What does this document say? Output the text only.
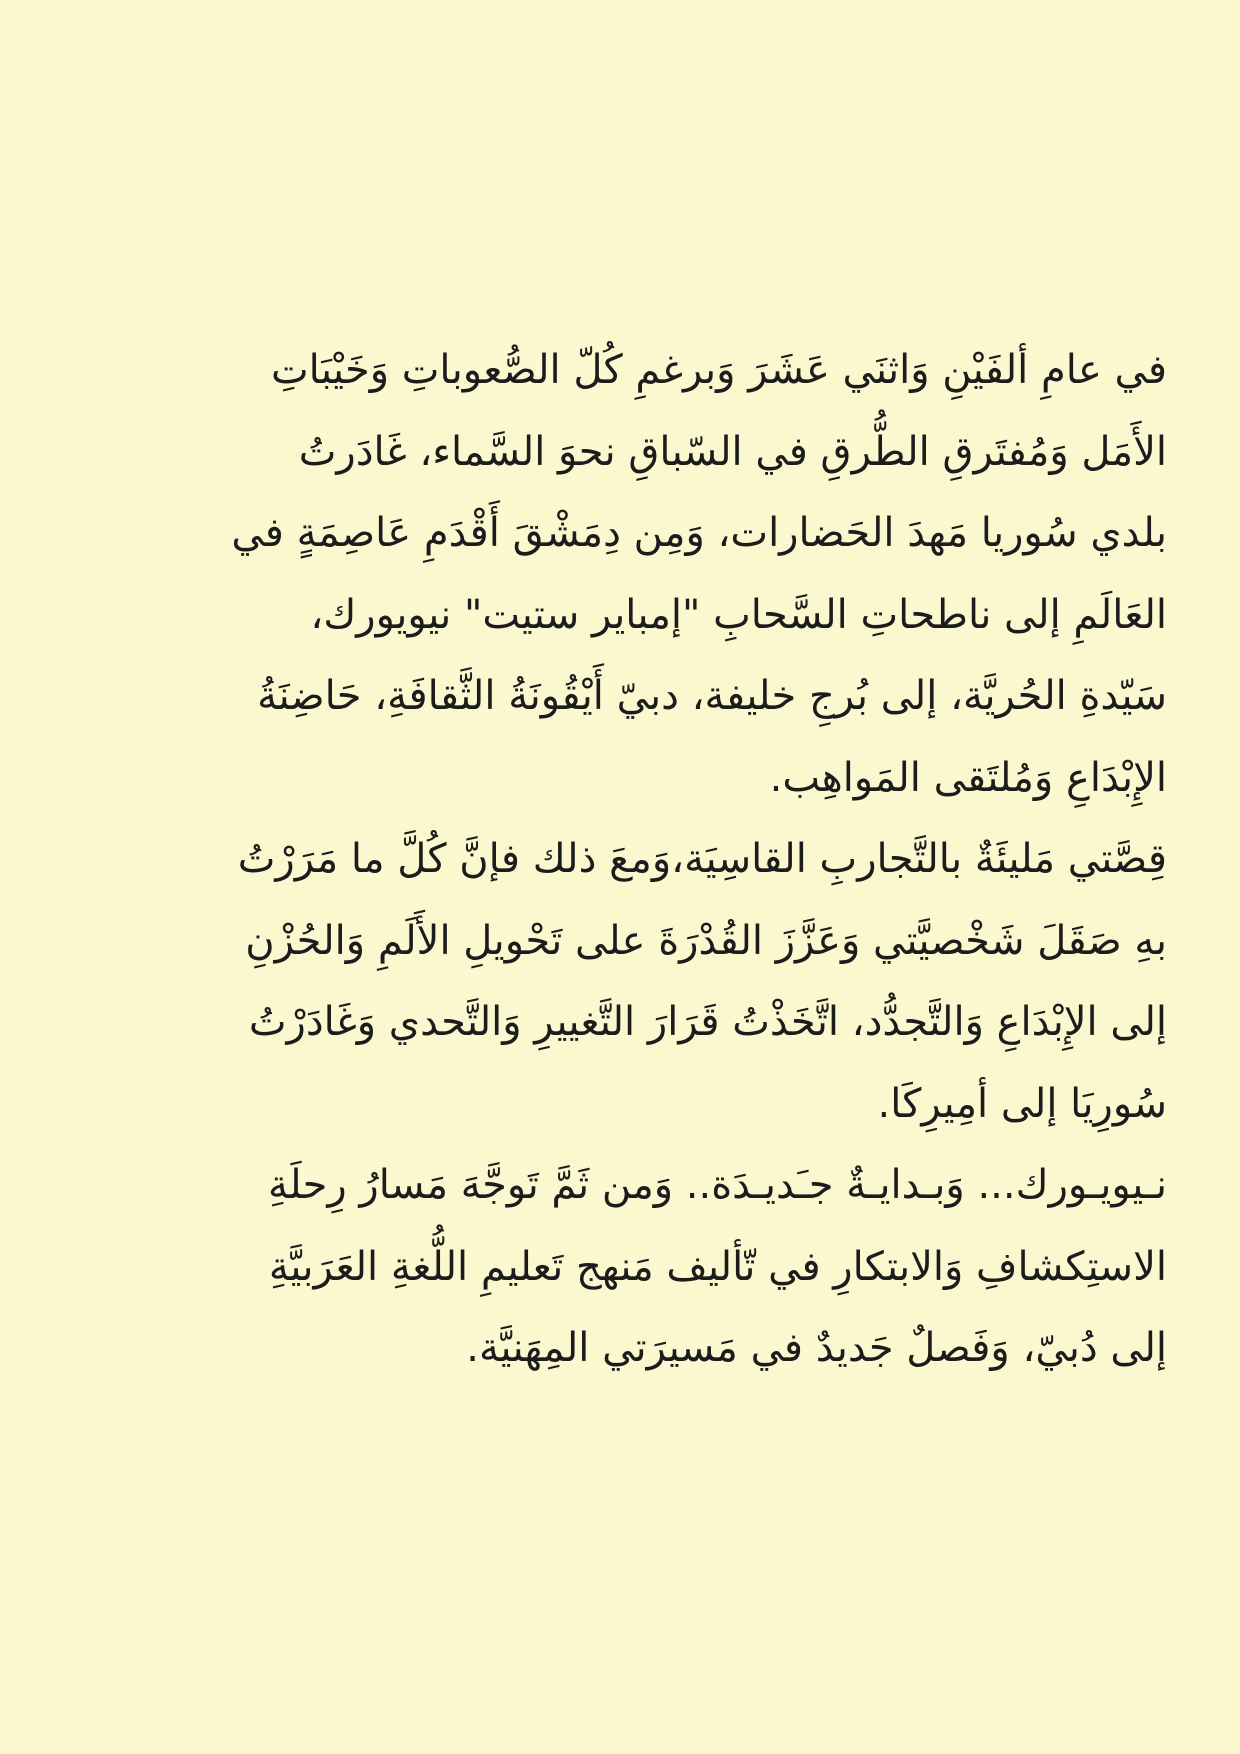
في عامِ ألفَيْنِ وَاثنَي عَشَرَ وَبرغمِ كُلّ الصُّعوباتِ وَخَيْبَاتِ
الأَمَل وَمُفتَرقِ الطُّرقِ في السّباقِ نحوَ السَّماء، غَادَرتُ
بلدي سُوريا مَهدَ الحَضارات، وَمِن دِمَشْقَ أَقْدَمِ عَاصِمَةٍ في
العَالَمِ إلى ناطحاتِ السَّحابِ "إمباير ستيت" نيويورك،
سَيّدةِ الحُريَّة، إلى بُرجِ خليفة، دبيّ أَيْقُونَةُ الثَّقافَةِ، حَاضِنَةُ
الإِبْدَاعِ وَمُلتَقى المَواهِب.
قِصَّتي مَليئَةٌ بالتَّجاربِ القاسِيَة،وَمعَ ذلك فإنَّ كُلَّ ما مَرَرْتُ
بهِ صَقَلَ شَخْصيَّتي وَعَزَّزَ القُدْرَةَ على تَحْويلِ الأَلَمِ وَالحُزْنِ
إلى الإِبْدَاعِ وَالتَّجدُّد، اتَّخَذْتُ قَرَارَ التَّغييرِ وَالتَّحدي وَغَادَرْتُ
سُورِيَا إلى أمِيرِكَا.
نـيويـورك... وَبـدايـةٌ جـَديـدَة.. وَمن ثَمَّ تَوجَّهَ مَسارُ رِحلَةِ
الاستِكشافِ وَالابتكارِ في تّأليف مَنهج تَعليمِ اللُّغةِ العَرَبيَّةِ
إلى دُبيّ، وَفَصلٌ جَديدٌ في مَسيرَتي المِهَنيَّة.
